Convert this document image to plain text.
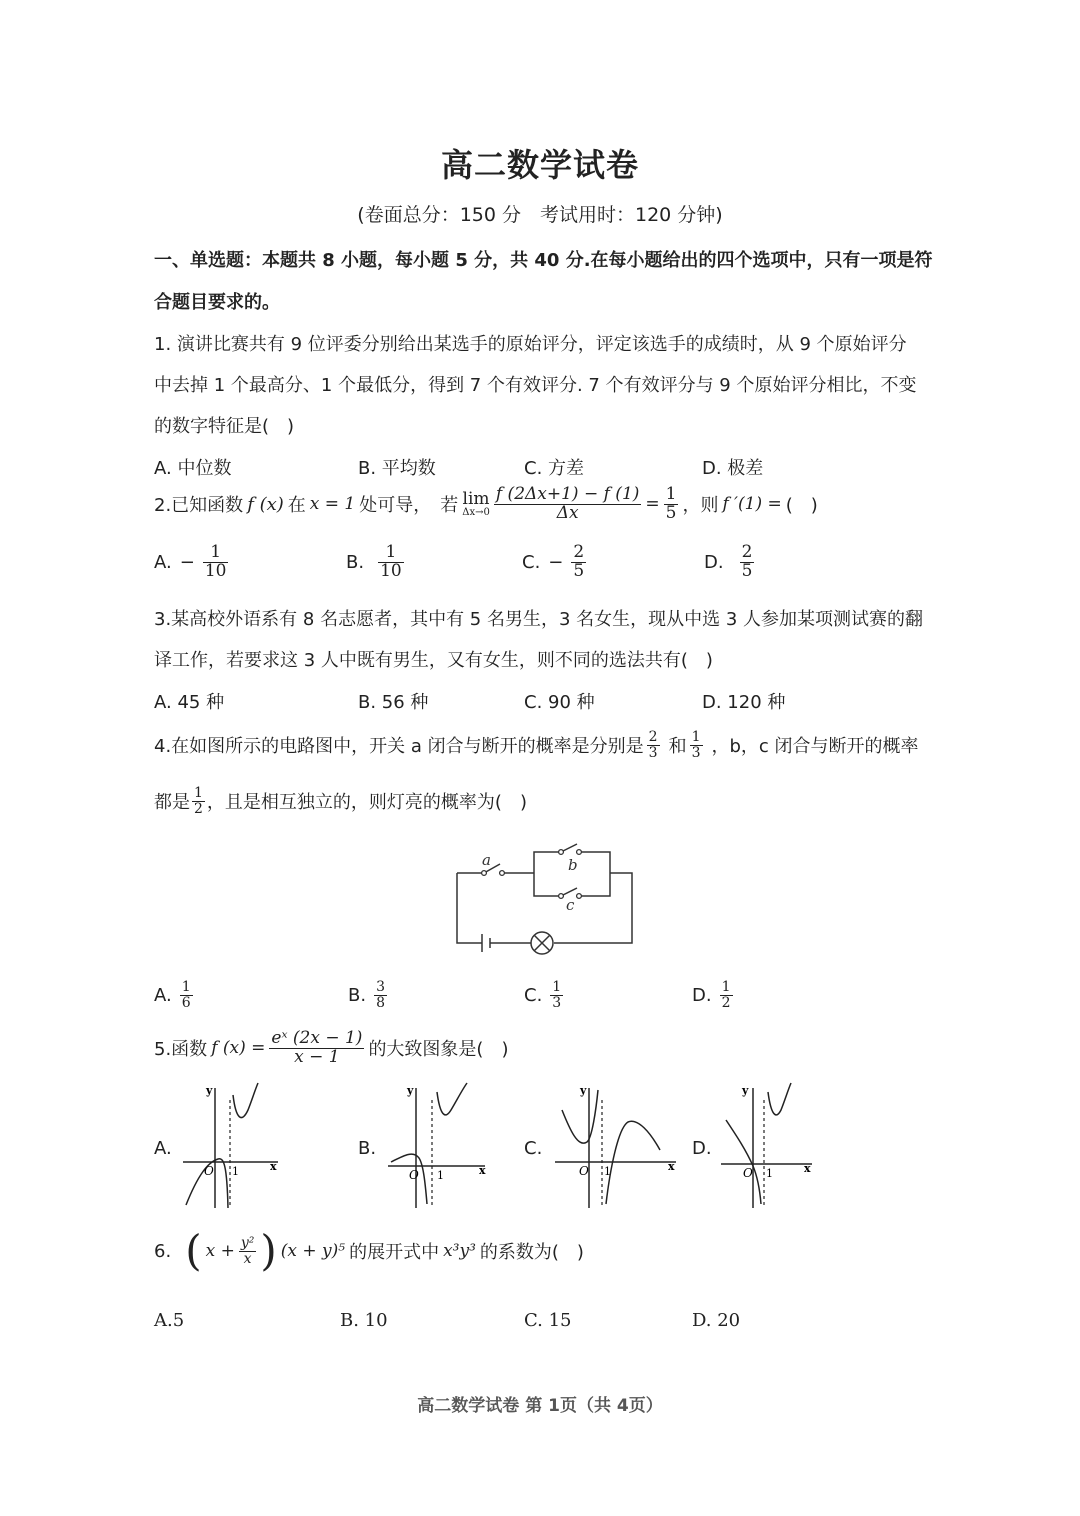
高二数学试卷
(卷面总分：150 分　考试用时：120 分钟)
一、单选题：本题共 8 小题，每小题 5 分，共 40 分.在每小题给出的四个选项中，只有一项是符
合题目要求的。
1. 演讲比赛共有 9 位评委分别给出某选手的原始评分，评定该选手的成绩时，从 9 个原始评分
中去掉 1 个最高分、1 个最低分，得到 7 个有效评分. 7 个有效评分与 9 个原始评分相比，不变
的数字特征是(　)
A. 中位数	B. 平均数	C. 方差	D. 极差
2.已知函数 f (x) 在 x = 1 处可导，　若 lim
$\Delta x\to 0 \frac{f (2\Delta x+1) - f (1)}{\Delta x} = \frac{1}{5}$ ，则 f ′(1) = (　)
A. − $\frac{1}{10}$	B. $\frac{1}{10}$	C. − $\frac{2}{5}$	D. $\frac{2}{5}$
3.某高校外语系有 8 名志愿者，其中有 5 名男生，3 名女生，现从中选 3 人参加某项测试赛的翻
译工作，若要求这 3 人中既有男生，又有女生，则不同的选法共有(　)
A. 45 种	B. 56 种	C. 90 种	D. 120 种
4.在如图所示的电路图中，开关 a 闭合与断开的概率是分别是 $\frac{2}{3}$ 和 $\frac{1}{3}$ ，b，c 闭合与断开的概率
都是 $\frac{1}{2}$ ，且是相互独立的，则灯亮的概率为(　)
a	b
c
A. $\frac{1}{6}$	B. $\frac{3}{8}$	C. $\frac{1}{3}$	D. $\frac{1}{2}$
5.函数 f $(x) = \frac{\text{eˣ (2x − 1)}}{x - 1}$ 的大致图象是(　)
A.
y
x
O 1
B.
y
x
O 1
C.
y
x
O 1
D.
y
x
O 1
6. ( $x + \frac{\text{y²}}{x}$ ) (x + y)⁵ 的展开式中 x³y³ 的系数为(　)
A.5	B. 10	C. 15	D. 20
高二数学试卷 第 1页（共 4页）
